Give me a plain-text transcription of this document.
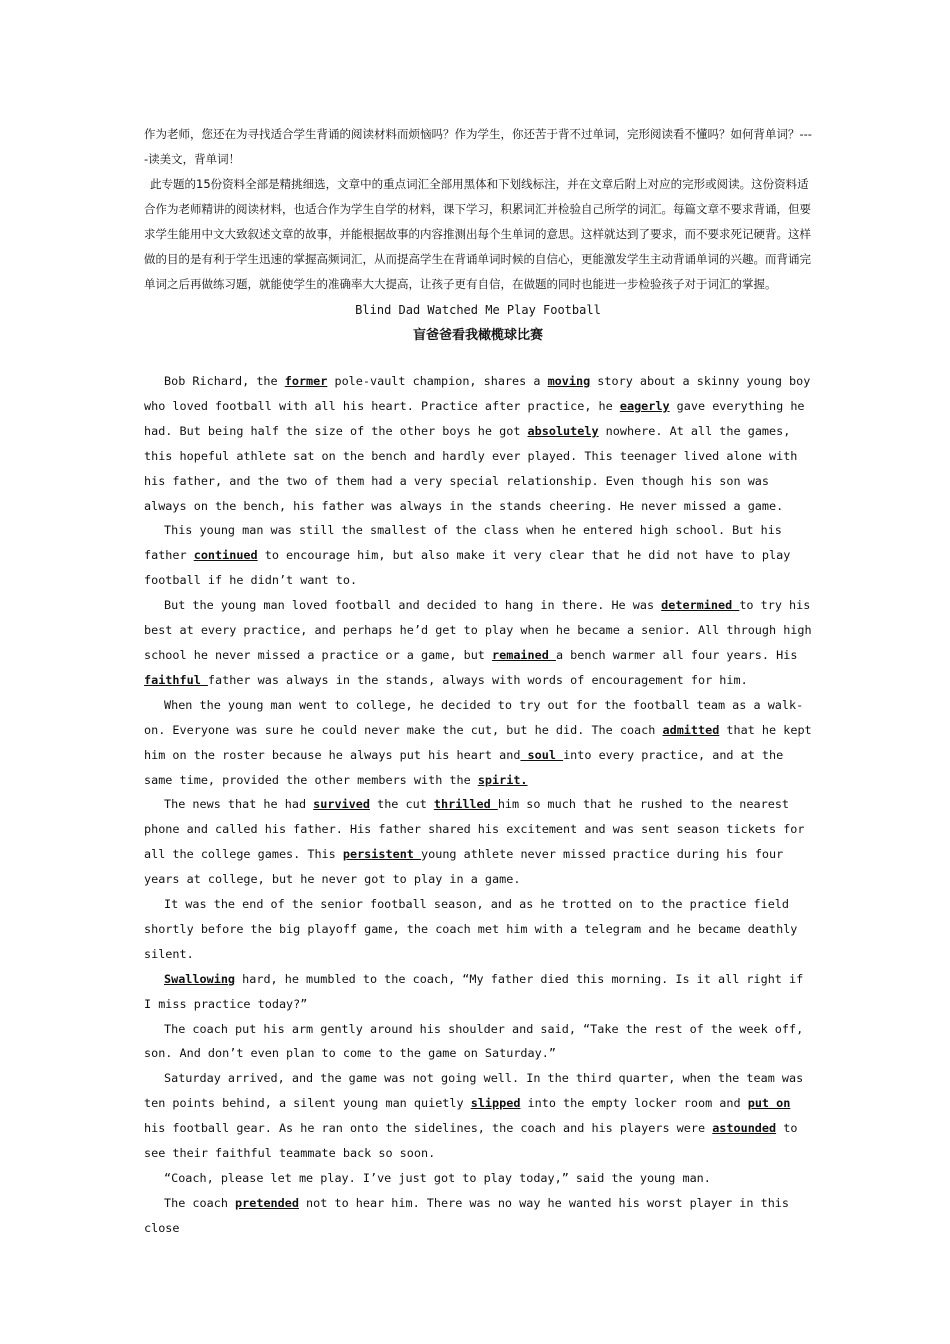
作为老师，您还在为寻找适合学生背诵的阅读材料而烦恼吗？作为学生，你还苦于背不过单词，完形阅读看不懂吗？如何背单词？----读美文，背单词！

此专题的15份资料全部是精挑细选，文章中的重点词汇全部用黑体和下划线标注，并在文章后附上对应的完形或阅读。这份资料适合作为老师精讲的阅读材料，也适合作为学生自学的材料，课下学习，积累词汇并检验自己所学的词汇。每篇文章不要求背诵，但要求学生能用中文大致叙述文章的故事，并能根据故事的内容推测出每个生单词的意思。这样就达到了要求，而不要求死记硬背。这样做的目的是有利于学生迅速的掌握高频词汇，从而提高学生在背诵单词时候的自信心，更能激发学生主动背诵单词的兴趣。而背诵完单词之后再做练习题，就能使学生的准确率大大提高，让孩子更有自信，在做题的同时也能进一步检验孩子对于词汇的掌握。

Blind Dad Watched Me Play Football

盲爸爸看我橄榄球比赛

Bob Richard, the former pole-vault champion, shares a moving story about a skinny young boy who loved football with all his heart. Practice after practice, he eagerly gave everything he had. But being half the size of the other boys he got absolutely nowhere. At all the games, this hopeful athlete sat on the bench and hardly ever played. This teenager lived alone with his father, and the two of them had a very special relationship. Even though his son was always on the bench, his father was always in the stands cheering. He never missed a game.

This young man was still the smallest of the class when he entered high school. But his father continued to encourage him, but also make it very clear that he did not have to play football if he didn’t want to.

But the young man loved football and decided to hang in there. He was determined to try his best at every practice, and perhaps he’d get to play when he became a senior. All through high school he never missed a practice or a game, but remained a bench warmer all four years. His faithful father was always in the stands, always with words of encouragement for him.

When the young man went to college, he decided to try out for the football team as a walk-on. Everyone was sure he could never make the cut, but he did. The coach admitted that he kept him on the roster because he always put his heart and soul into every practice, and at the same time, provided the other members with the spirit.

The news that he had survived the cut thrilled him so much that he rushed to the nearest phone and called his father. His father shared his excitement and was sent season tickets for all the college games. This persistent young athlete never missed practice during his four years at college, but he never got to play in a game.

It was the end of the senior football season, and as he trotted on to the practice field shortly before the big playoff game, the coach met him with a telegram and he became deathly silent.

Swallowing hard, he mumbled to the coach, “My father died this morning. Is it all right if I miss practice today?”

The coach put his arm gently around his shoulder and said, “Take the rest of the week off, son. And don’t even plan to come to the game on Saturday.”

Saturday arrived, and the game was not going well. In the third quarter, when the team was ten points behind, a silent young man quietly slipped into the empty locker room and put on his football gear. As he ran onto the sidelines, the coach and his players were astounded to see their faithful teammate back so soon.

“Coach, please let me play. I’ve just got to play today,” said the young man.

The coach pretended not to hear him. There was no way he wanted his worst player in this close
